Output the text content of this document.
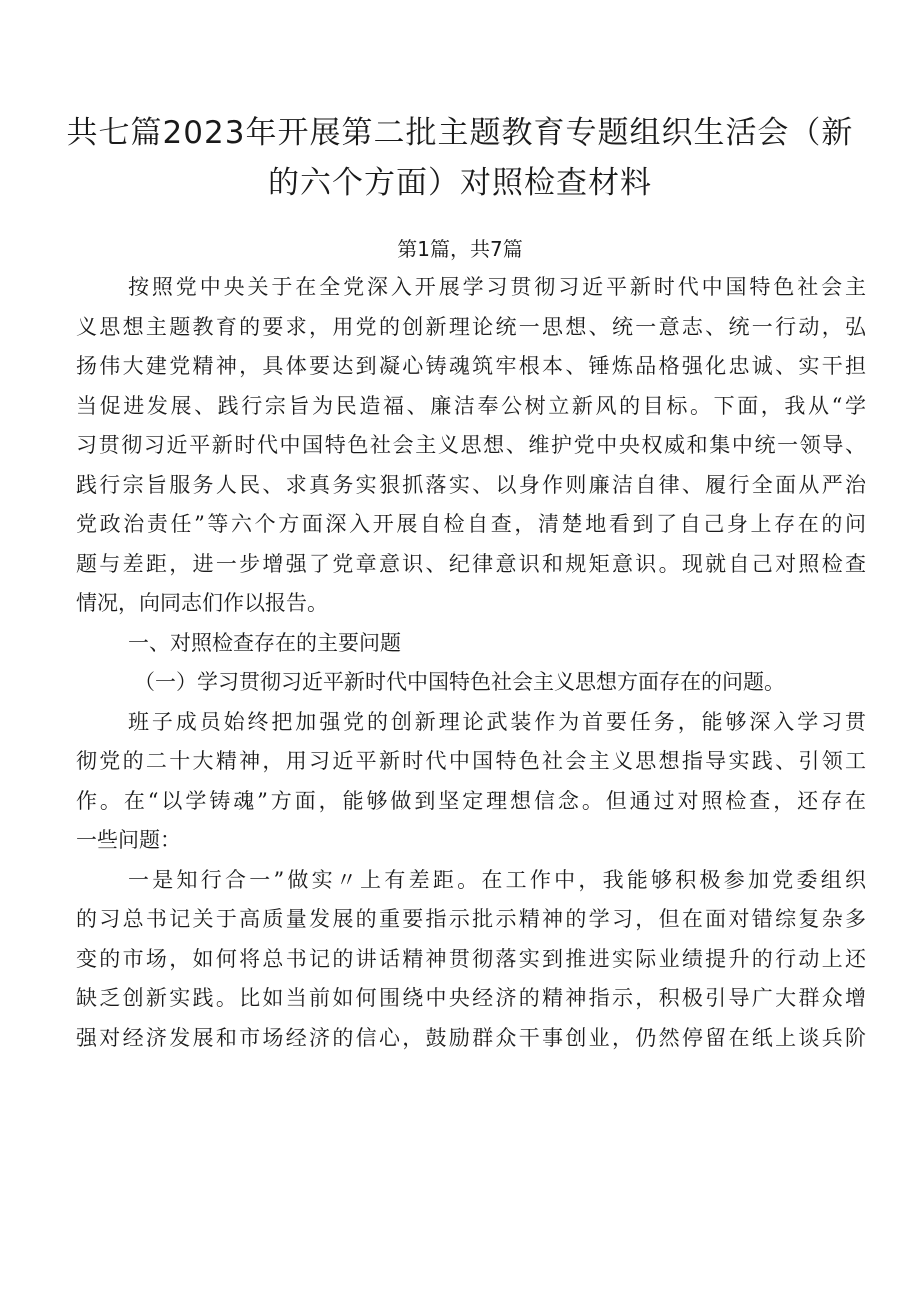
共七篇2023年开展第二批主题教育专题组织生活会（新
的六个方面）对照检查材料
第1篇，共7篇
按照党中央关于在全党深入开展学习贯彻习近平新时代中国特色社会主
义思想主题教育的要求，用党的创新理论统一思想、统一意志、统一行动，弘
扬伟大建党精神，具体要达到凝心铸魂筑牢根本、锤炼品格强化忠诚、实干担
当促进发展、践行宗旨为民造福、廉洁奉公树立新风的目标。下面，我从“学
习贯彻习近平新时代中国特色社会主义思想、维护党中央权威和集中统一领导、
践行宗旨服务人民、求真务实狠抓落实、以身作则廉洁自律、履行全面从严治
党政治责任”等六个方面深入开展自检自查，清楚地看到了自己身上存在的问
题与差距，进一步增强了党章意识、纪律意识和规矩意识。现就自己对照检查
情况，向同志们作以报告。
一、对照检查存在的主要问题
（一）学习贯彻习近平新时代中国特色社会主义思想方面存在的问题。
班子成员始终把加强党的创新理论武装作为首要任务，能够深入学习贯
彻党的二十大精神，用习近平新时代中国特色社会主义思想指导实践、引领工
作。在“以学铸魂”方面，能够做到坚定理想信念。但通过对照检查，还存在
一些问题：
一是知行合一”做实〃上有差距。在工作中，我能够积极参加党委组织
的习总书记关于高质量发展的重要指示批示精神的学习，但在面对错综复杂多
变的市场，如何将总书记的讲话精神贯彻落实到推进实际业绩提升的行动上还
缺乏创新实践。比如当前如何围绕中央经济的精神指示，积极引导广大群众增
强对经济发展和市场经济的信心，鼓励群众干事创业，仍然停留在纸上谈兵阶
